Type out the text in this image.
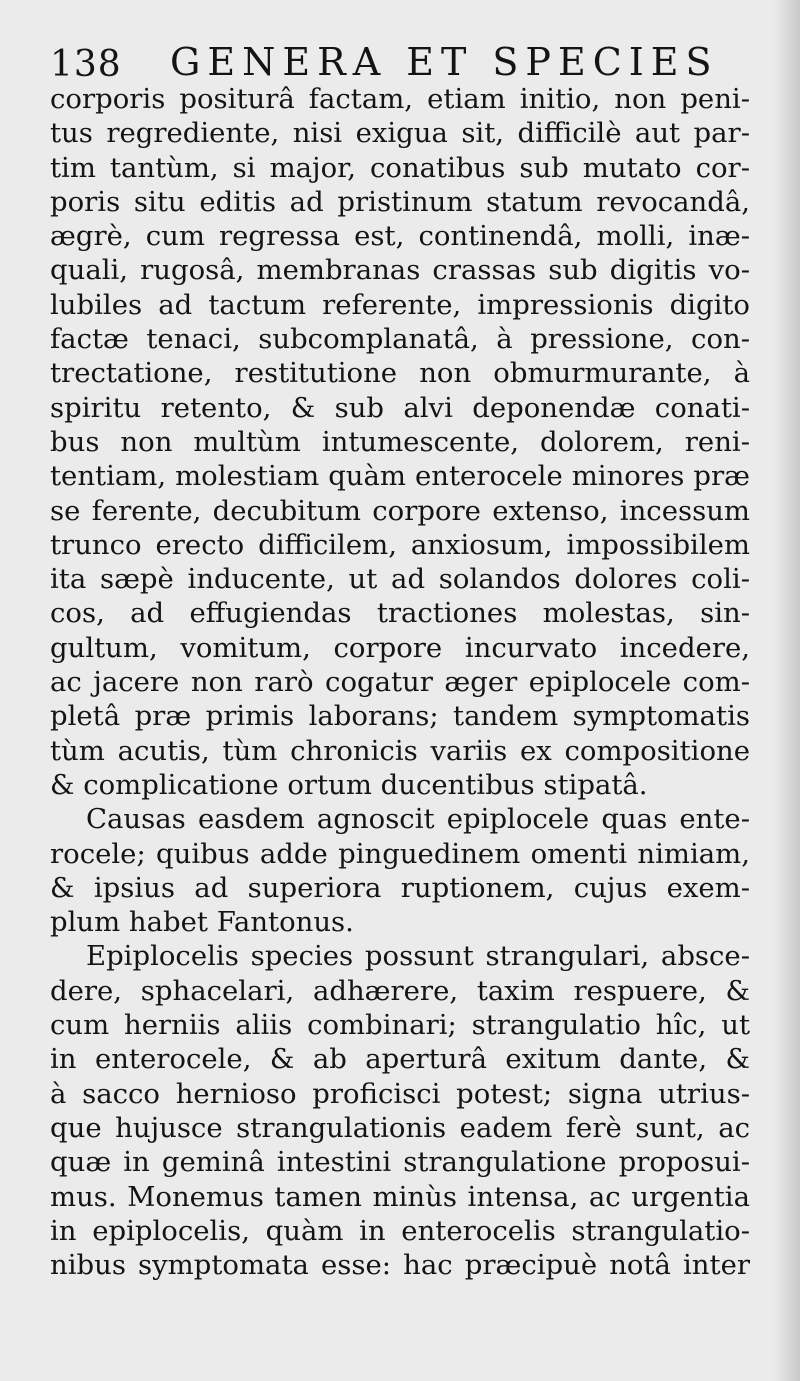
138 GENERA ET SPECIES
corporis positurâ factam, etiam initio, non peni-
tus regrediente, nisi exigua sit, difficilè aut par-
tim tantùm, si major, conatibus sub mutato cor-
poris situ editis ad pristinum statum revocandâ,
ægrè, cum regressa est, continendâ, molli, inæ-
quali, rugosâ, membranas crassas sub digitis vo-
lubiles ad tactum referente, impressionis digito
factæ tenaci, subcomplanatâ, à pressione, con-
trectatione, restitutione non obmurmurante, à
spiritu retento, & sub alvi deponendæ conati-
bus non multùm intumescente, dolorem, reni-
tentiam, molestiam quàm enterocele minores præ
se ferente, decubitum corpore extenso, incessum
trunco erecto difficilem, anxiosum, impossibilem
ita sæpè inducente, ut ad solandos dolores coli-
cos, ad effugiendas tractiones molestas, sin-
gultum, vomitum, corpore incurvato incedere,
ac jacere non rarò cogatur æger epiplocele com-
pletâ præ primis laborans; tandem symptomatis
tùm acutis, tùm chronicis variis ex compositione
& complicatione ortum ducentibus stipatâ.
Causas easdem agnoscit epiplocele quas ente-
rocele; quibus adde pinguedinem omenti nimiam,
& ipsius ad superiora ruptionem, cujus exem-
plum habet Fantonus.
Epiplocelis species possunt strangulari, absce-
dere, sphacelari, adhærere, taxim respuere, &
cum herniis aliis combinari; strangulatio hîc, ut
in enterocele, & ab aperturâ exitum dante, &
à sacco hernioso proficisci potest; signa utrius-
que hujusce strangulationis eadem ferè sunt, ac
quæ in geminâ intestini strangulatione proposui-
mus. Monemus tamen minùs intensa, ac urgentia
in epiplocelis, quàm in enterocelis strangulatio-
nibus symptomata esse: hac præcipuè notâ inter
